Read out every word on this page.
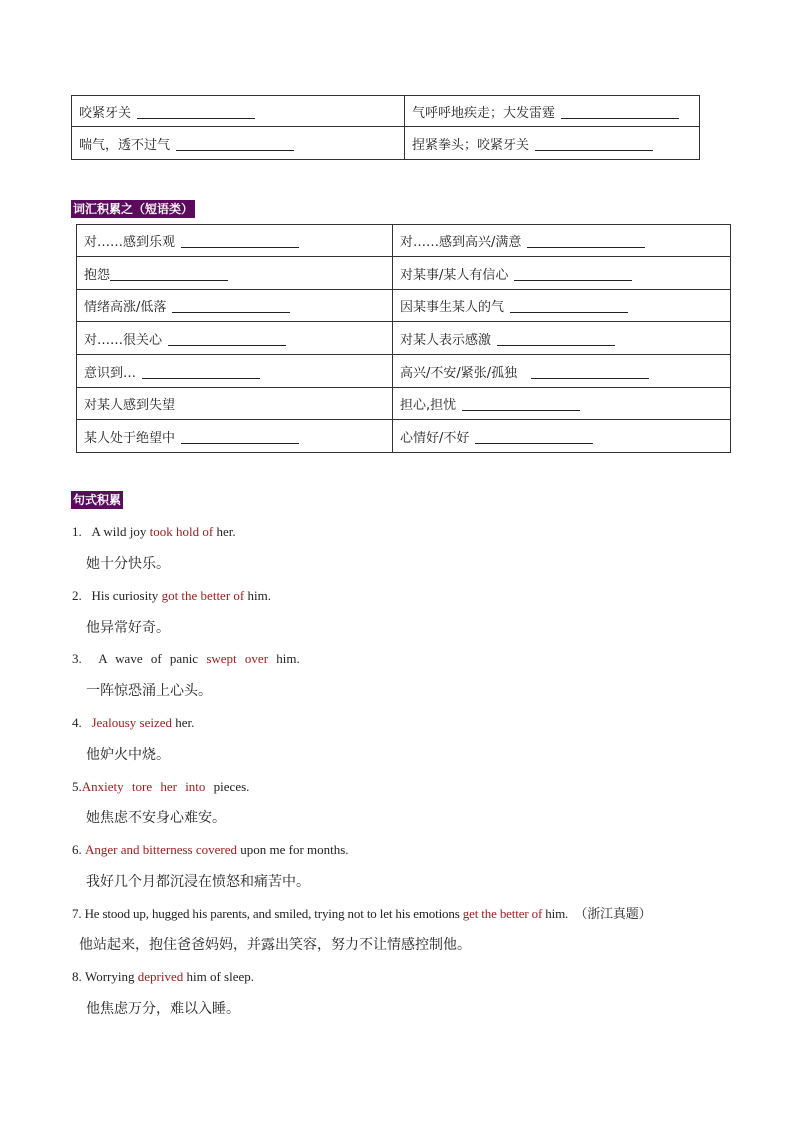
咬紧牙关	气呼呼地疾走；大发雷霆
喘气，透不过气	捏紧拳头；咬紧牙关
词汇积累之（短语类）
对……感到乐观	对……感到高兴/满意
抱怨	对某事/某人有信心
情绪高涨/低落	因某事生某人的气
对……很关心	对某人表示感激
意识到…	高兴/不安/紧张/孤独
对某人感到失望	担心,担忧
某人处于绝望中	心情好/不好
句式积累
1. A wild joy took hold of her.
她十分快乐。
2. His curiosity got the better of him.
他异常好奇。
3. A wave of panic swept over him.
一阵惊恐涌上心头。
4. Jealousy seized her.
他妒火中烧。
5.Anxiety tore her into pieces.
她焦虑不安身心难安。
6. Anger and bitterness covered upon me for months.
我好几个月都沉浸在愤怒和痛苦中。
7. He stood up, hugged his parents, and smiled, trying not to let his emotions get the better of him. （浙江真题）
他站起来，抱住爸爸妈妈，并露出笑容，努力不让情感控制他。
8. Worrying deprived him of sleep.
他焦虑万分，难以入睡。
